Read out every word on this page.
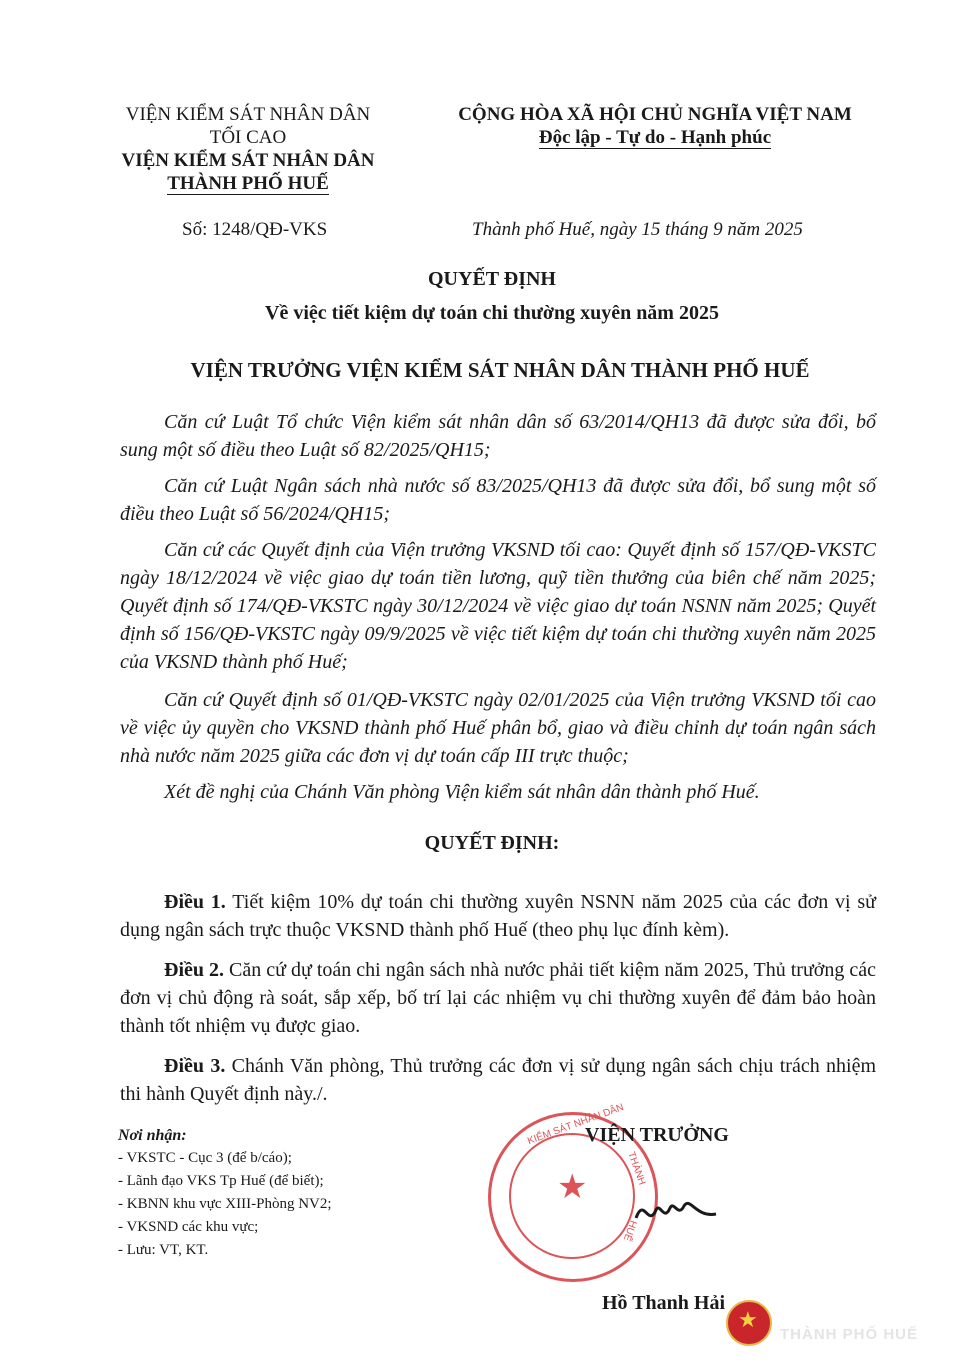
VIỆN KIỂM SÁT NHÂN DÂN
TỐI CAO
VIỆN KIỂM SÁT NHÂN DÂN
THÀNH PHỐ HUẾ
CỘNG HÒA XÃ HỘI CHỦ NGHĨA VIỆT NAM
Độc lập - Tự do - Hạnh phúc
Số: 1248/QĐ-VKS	Thành phố Huế, ngày 15 tháng 9 năm 2025
QUYẾT ĐỊNH
Về việc tiết kiệm dự toán chi thường xuyên năm 2025
VIỆN TRƯỞNG VIỆN KIỂM SÁT NHÂN DÂN THÀNH PHỐ HUẾ
Căn cứ Luật Tổ chức Viện kiểm sát nhân dân số 63/2014/QH13 đã được sửa đổi, bổ sung một số điều theo Luật số 82/2025/QH15;
Căn cứ Luật Ngân sách nhà nước số 83/2025/QH13 đã được sửa đổi, bổ sung một số điều theo Luật số 56/2024/QH15;
Căn cứ các Quyết định của Viện trưởng VKSND tối cao: Quyết định số 157/QĐ-VKSTC ngày 18/12/2024 về việc giao dự toán tiền lương, quỹ tiền thưởng của biên chế năm 2025; Quyết định số 174/QĐ-VKSTC ngày 30/12/2024 về việc giao dự toán NSNN năm 2025; Quyết định số 156/QĐ-VKSTC ngày 09/9/2025 về việc tiết kiệm dự toán chi thường xuyên năm 2025 của VKSND thành phố Huế;
Căn cứ Quyết định số 01/QĐ-VKSTC ngày 02/01/2025 của Viện trưởng VKSND tối cao về việc ủy quyền cho VKSND thành phố Huế phân bổ, giao và điều chỉnh dự toán ngân sách nhà nước năm 2025 giữa các đơn vị dự toán cấp III trực thuộc;
Xét đề nghị của Chánh Văn phòng Viện kiểm sát nhân dân thành phố Huế.
QUYẾT ĐỊNH:
Điều 1. Tiết kiệm 10% dự toán chi thường xuyên NSNN năm 2025 của các đơn vị sử dụng ngân sách trực thuộc VKSND thành phố Huế (theo phụ lục đính kèm).
Điều 2. Căn cứ dự toán chi ngân sách nhà nước phải tiết kiệm năm 2025, Thủ trưởng các đơn vị chủ động rà soát, sắp xếp, bố trí lại các nhiệm vụ chi thường xuyên để đảm bảo hoàn thành tốt nhiệm vụ được giao.
Điều 3. Chánh Văn phòng, Thủ trưởng các đơn vị sử dụng ngân sách chịu trách nhiệm thi hành Quyết định này./.
Nơi nhận:
- VKSTC - Cục 3 (để b/cáo);
- Lãnh đạo VKS Tp Huế (để biết);
- KBNN khu vực XIII-Phòng NV2;
- VKSND các khu vực;
- Lưu: VT, KT.
★
KIỂM SÁT NHÂN DÂN
THÀNH
HUẾ
VIỆN TRƯỞNG
Hồ Thanh Hải
★
THÀNH PHỐ HUẾ
